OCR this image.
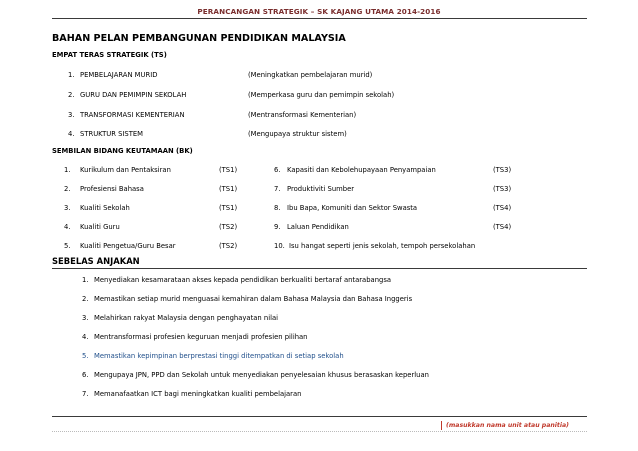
PERANCANGAN STRATEGIK – SK KAJANG UTAMA 2014-2016
BAHAN PELAN PEMBANGUNAN PENDIDIKAN MALAYSIA
EMPAT TERAS STRATEGIK (TS)
1. PEMBELAJARAN MURID	(Meningkatkan pembelajaran murid)
2. GURU DAN PEMIMPIN SEKOLAH	(Memperkasa guru dan pemimpin sekolah)
3. TRANSFORMASI KEMENTERIAN	(Mentransformasi Kementerian)
4. STRUKTUR SISTEM	(Mengupaya struktur sistem)
SEMBILAN BIDANG KEUTAMAAN (BK)
1. Kurikulum dan Pentaksiran	(TS1)
2. Profesiensi Bahasa	(TS1)
3. Kualiti Sekolah	(TS1)
4. Kualiti Guru	(TS2)
5. Kualiti Pengetua/Guru Besar	(TS2)
6. Kapasiti dan Kebolehupayaan Penyampaian	(TS3)
7. Produktiviti Sumber	(TS3)
8. Ibu Bapa, Komuniti dan Sektor Swasta	(TS4)
9. Laluan Pendidikan	(TS4)
10. Isu hangat seperti jenis sekolah, tempoh persekolahan
SEBELAS ANJAKAN
1. Menyediakan kesamarataan akses kepada pendidikan berkualiti bertaraf antarabangsa
2. Memastikan setiap murid menguasai kemahiran dalam Bahasa Malaysia dan Bahasa Inggeris
3. Melahirkan rakyat Malaysia dengan penghayatan nilai
4. Mentransformasi profesien keguruan menjadi profesien pilihan
5. Memastikan kepimpinan berprestasi tinggi ditempatkan di setiap sekolah
6. Mengupaya JPN, PPD dan Sekolah untuk menyediakan penyelesaian khusus berasaskan keperluan
7. Memanafaatkan ICT bagi meningkatkan kualiti pembelajaran
(masukkan nama unit atau panitia)
